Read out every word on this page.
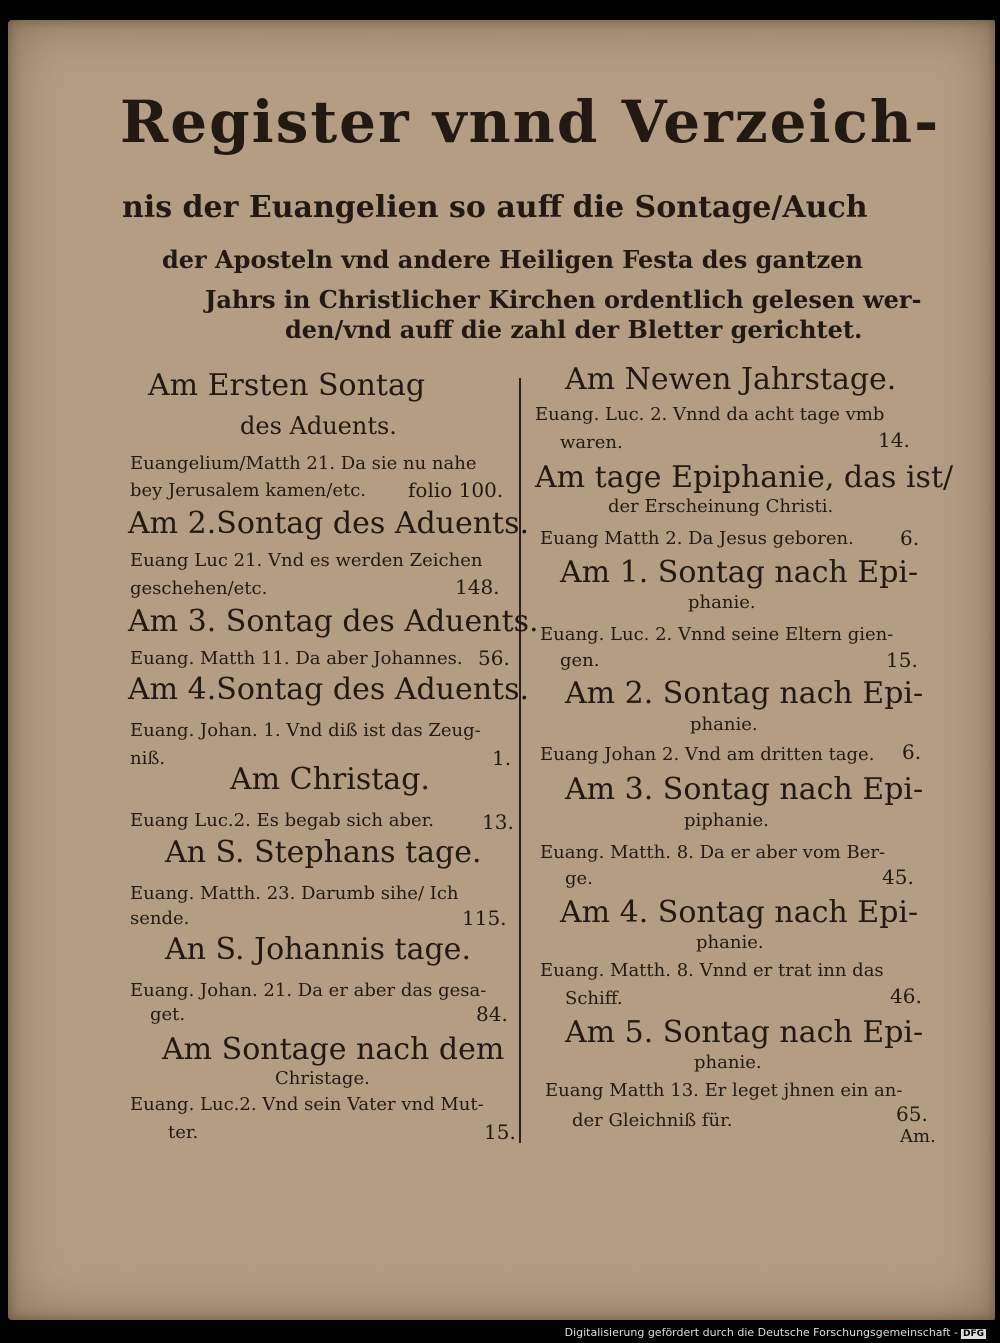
Register vnnd Verzeich-
nis der Euangelien so auff die Sontage/Auch
der Aposteln vnd andere Heiligen Festa des gantzen
Jahrs in Christlicher Kirchen ordentlich gelesen wer-
den/vnd auff die zahl der Bletter gerichtet.
Am Ersten Sontag
des Aduents.
Euangelium/Matth 21. Da sie nu nahe
bey Jerusalem kamen/etc. folio 100.
Am 2.Sontag des Aduents.
Euang Luc 21. Vnd es werden Zeichen
geschehen/etc.	148.
Am 3. Sontag des Aduents.
Euang. Matth 11. Da aber Johannes. 56.
Am 4.Sontag des Aduents.
Euang. Johan. 1. Vnd diß ist das Zeug-
niß.	1.
Am Christag.
Euang Luc.2. Es begab sich aber. 13.
An S. Stephans tage.
Euang. Matth. 23. Darumb sihe/ Ich
sende.	115.
An S. Johannis tage.
Euang. Johan. 21. Da er aber das gesa-
get.	84.
Am Sontage nach dem
Christage.
Euang. Luc.2. Vnd sein Vater vnd Mut-
ter.	15.
Am Newen Jahrstage.
Euang. Luc. 2. Vnnd da acht tage vmb
waren.	14.
Am tage Epiphanie, das ist/
der Erscheinung Christi.
Euang Matth 2. Da Jesus geboren. 6.
Am 1. Sontag nach Epi-
phanie.
Euang. Luc. 2. Vnnd seine Eltern gien-
gen.	15.
Am 2. Sontag nach Epi-
phanie.
Euang Johan 2. Vnd am dritten tage. 6.
Am 3. Sontag nach Epi-
piphanie.
Euang. Matth. 8. Da er aber vom Ber-
ge.	45.
Am 4. Sontag nach Epi-
phanie.
Euang. Matth. 8. Vnnd er trat inn das
Schiff.	46.
Am 5. Sontag nach Epi-
phanie.
Euang Matth 13. Er leget jhnen ein an-
der Gleichniß für.	65.
Am.
Digitalisierung gefördert durch die Deutsche Forschungsgemeinschaft - DFG
